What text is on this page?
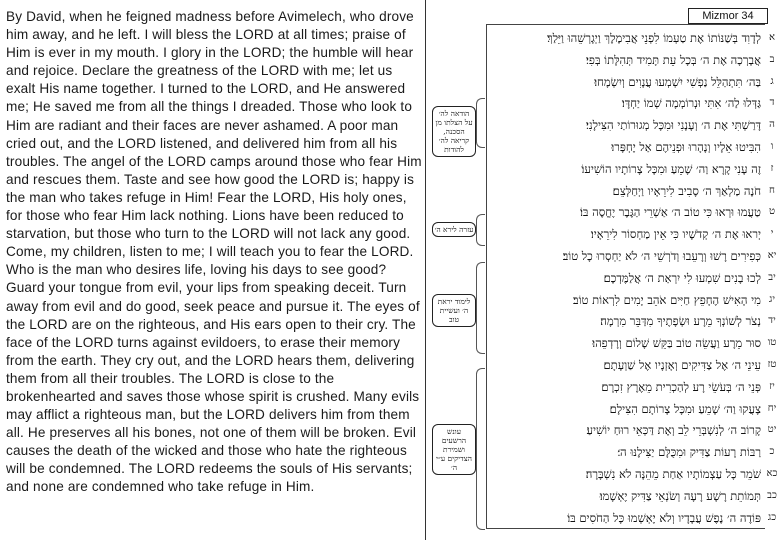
By David, when he feigned madness before Avimelech, who drove him away, and he left. I will bless the LORD at all times; praise of Him is ever in my mouth. I glory in the LORD; the humble will hear and rejoice. Declare the greatness of the LORD with me; let us exalt His name together. I turned to the LORD, and He answered me; He saved me from all the things I dreaded. Those who look to Him are radiant and their faces are never ashamed. A poor man cried out, and the LORD listened, and delivered him from all his troubles. The angel of the LORD camps around those who fear Him and rescues them. Taste and see how good the LORD is; happy is the man who takes refuge in Him! Fear the LORD, His holy ones, for those who fear Him lack nothing. Lions have been reduced to starvation, but those who turn to the LORD will not lack any good. Come, my children, listen to me; I will teach you to fear the LORD. Who is the man who desires life, loving his days to see good? Guard your tongue from evil, your lips from speaking deceit. Turn away from evil and do good, seek peace and pursue it. The eyes of the LORD are on the righteous, and His ears open to their cry. The face of the LORD turns against evildoers, to erase their memory from the earth. They cry out, and the LORD hears them, delivering them from all their troubles. The LORD is close to the brokenhearted and saves those whose spirit is crushed. Many evils may afflict a righteous man, but the LORD delivers him from them all. He preserves all his bones, not one of them will be broken. Evil causes the death of the wicked and those who hate the righteous will be condemned. The LORD redeems the souls of His servants; and none are condemned who take refuge in Him.

Mizmor 34
הודאה לה׳ על הצלתו מן הסכנה, קריאה לה׳ להודות
עזרה לירא ה׳
לימוד יראת ה׳ ועשיית טוב
עונש הרשעים ושמירת הצדיקים ע״י ה׳
א
לְדָוִד בְּשַׁנּוֹתוֹ אֶת טַעְמוֹ לִפְנֵי אֲבִימֶלֶךְ וַיְגָרְשֵׁהוּ וַיֵּלַךְ׃
ב
אֲבָרְכָה אֶת ה׳ בְּכָל עֵת תָּמִיד תְּהִלָּתוֹ בְּפִי׃
ג
בַּה׳ תִּתְהַלֵּל נַפְשִׁי יִשְׁמְעוּ עֲנָוִים וְיִשְׂמָחוּ׃
ד
גַּדְּלוּ לַה׳ אִתִּי וּנְרוֹמְמָה שְׁמוֹ יַחְדָּו׃
ה
דָּרַשְׁתִּי אֶת ה׳ וְעָנָנִי וּמִכָּל מְגוּרוֹתַי הִצִּילָנִי׃
ו
הִבִּיטוּ אֵלָיו וְנָהָרוּ וּפְנֵיהֶם אַל יֶחְפָּרוּ׃
ז
זֶה עָנִי קָרָא וַה׳ שָׁמֵעַ וּמִכָּל צָרוֹתָיו הוֹשִׁיעוֹ׃
ח
חֹנֶה מַלְאַךְ ה׳ סָבִיב לִירֵאָיו וַיְחַלְּצֵם׃
ט
טַעֲמוּ וּרְאוּ כִּי טוֹב ה׳ אַשְׁרֵי הַגֶּבֶר יֶחֱסֶה בּוֹ׃
י
יְראוּ אֶת ה׳ קְדֹשָׁיו כִּי אֵין מַחְסוֹר לִירֵאָיו׃
יא
כְּפִירִים רָשׁוּ וְרָעֵבוּ וְדֹרְשֵׁי ה׳ לֹא יַחְסְרוּ כָל טוֹב׃
יב
לְכוּ בָנִים שִׁמְעוּ לִי יִרְאַת ה׳ אֲלַמֶּדְכֶם׃
יג
מִי הָאִישׁ הֶחָפֵץ חַיִּים אֹהֵב יָמִים לִרְאוֹת טוֹב׃
יד
נְצֹר לְשׁוֹנְךָ מֵרָע וּשְׂפָתֶיךָ מִדַּבֵּר מִרְמָה׃
טו
סוּר מֵרָע וַעֲשֵׂה טוֹב בַּקֵּשׁ שָׁלוֹם וְרָדְפֵהוּ׃
טז
עֵינֵי ה׳ אֶל צַדִּיקִים וְאָזְנָיו אֶל שַׁוְעָתָם׃
יז
פְּנֵי ה׳ בְּעֹשֵׂי רָע לְהַכְרִית מֵאֶרֶץ זִכְרָם׃
יח
צָעֲקוּ וַה׳ שָׁמֵעַ וּמִכָּל צָרוֹתָם הִצִּילָם׃
יט
קָרוֹב ה׳ לְנִשְׁבְּרֵי לֵב וְאֶת דַּכְּאֵי רוּחַ יוֹשִׁיעַ׃
כ
רַבּוֹת רָעוֹת צַדִּיק וּמִכֻּלָּם יַצִּילֶנּוּ ה׳׃
כא
שֹׁמֵר כָּל עַצְמוֹתָיו אַחַת מֵהֵנָּה לֹא נִשְׁבָּרָה׃
כב
תְּמוֹתֵת רָשָׁע רָעָה וְשֹׂנְאֵי צַדִּיק יֶאְשָׁמוּ׃
כג
פּוֹדֶה ה׳ נֶפֶשׁ עֲבָדָיו וְלֹא יֶאְשְׁמוּ כָּל הַחֹסִים בּוֹ׃
